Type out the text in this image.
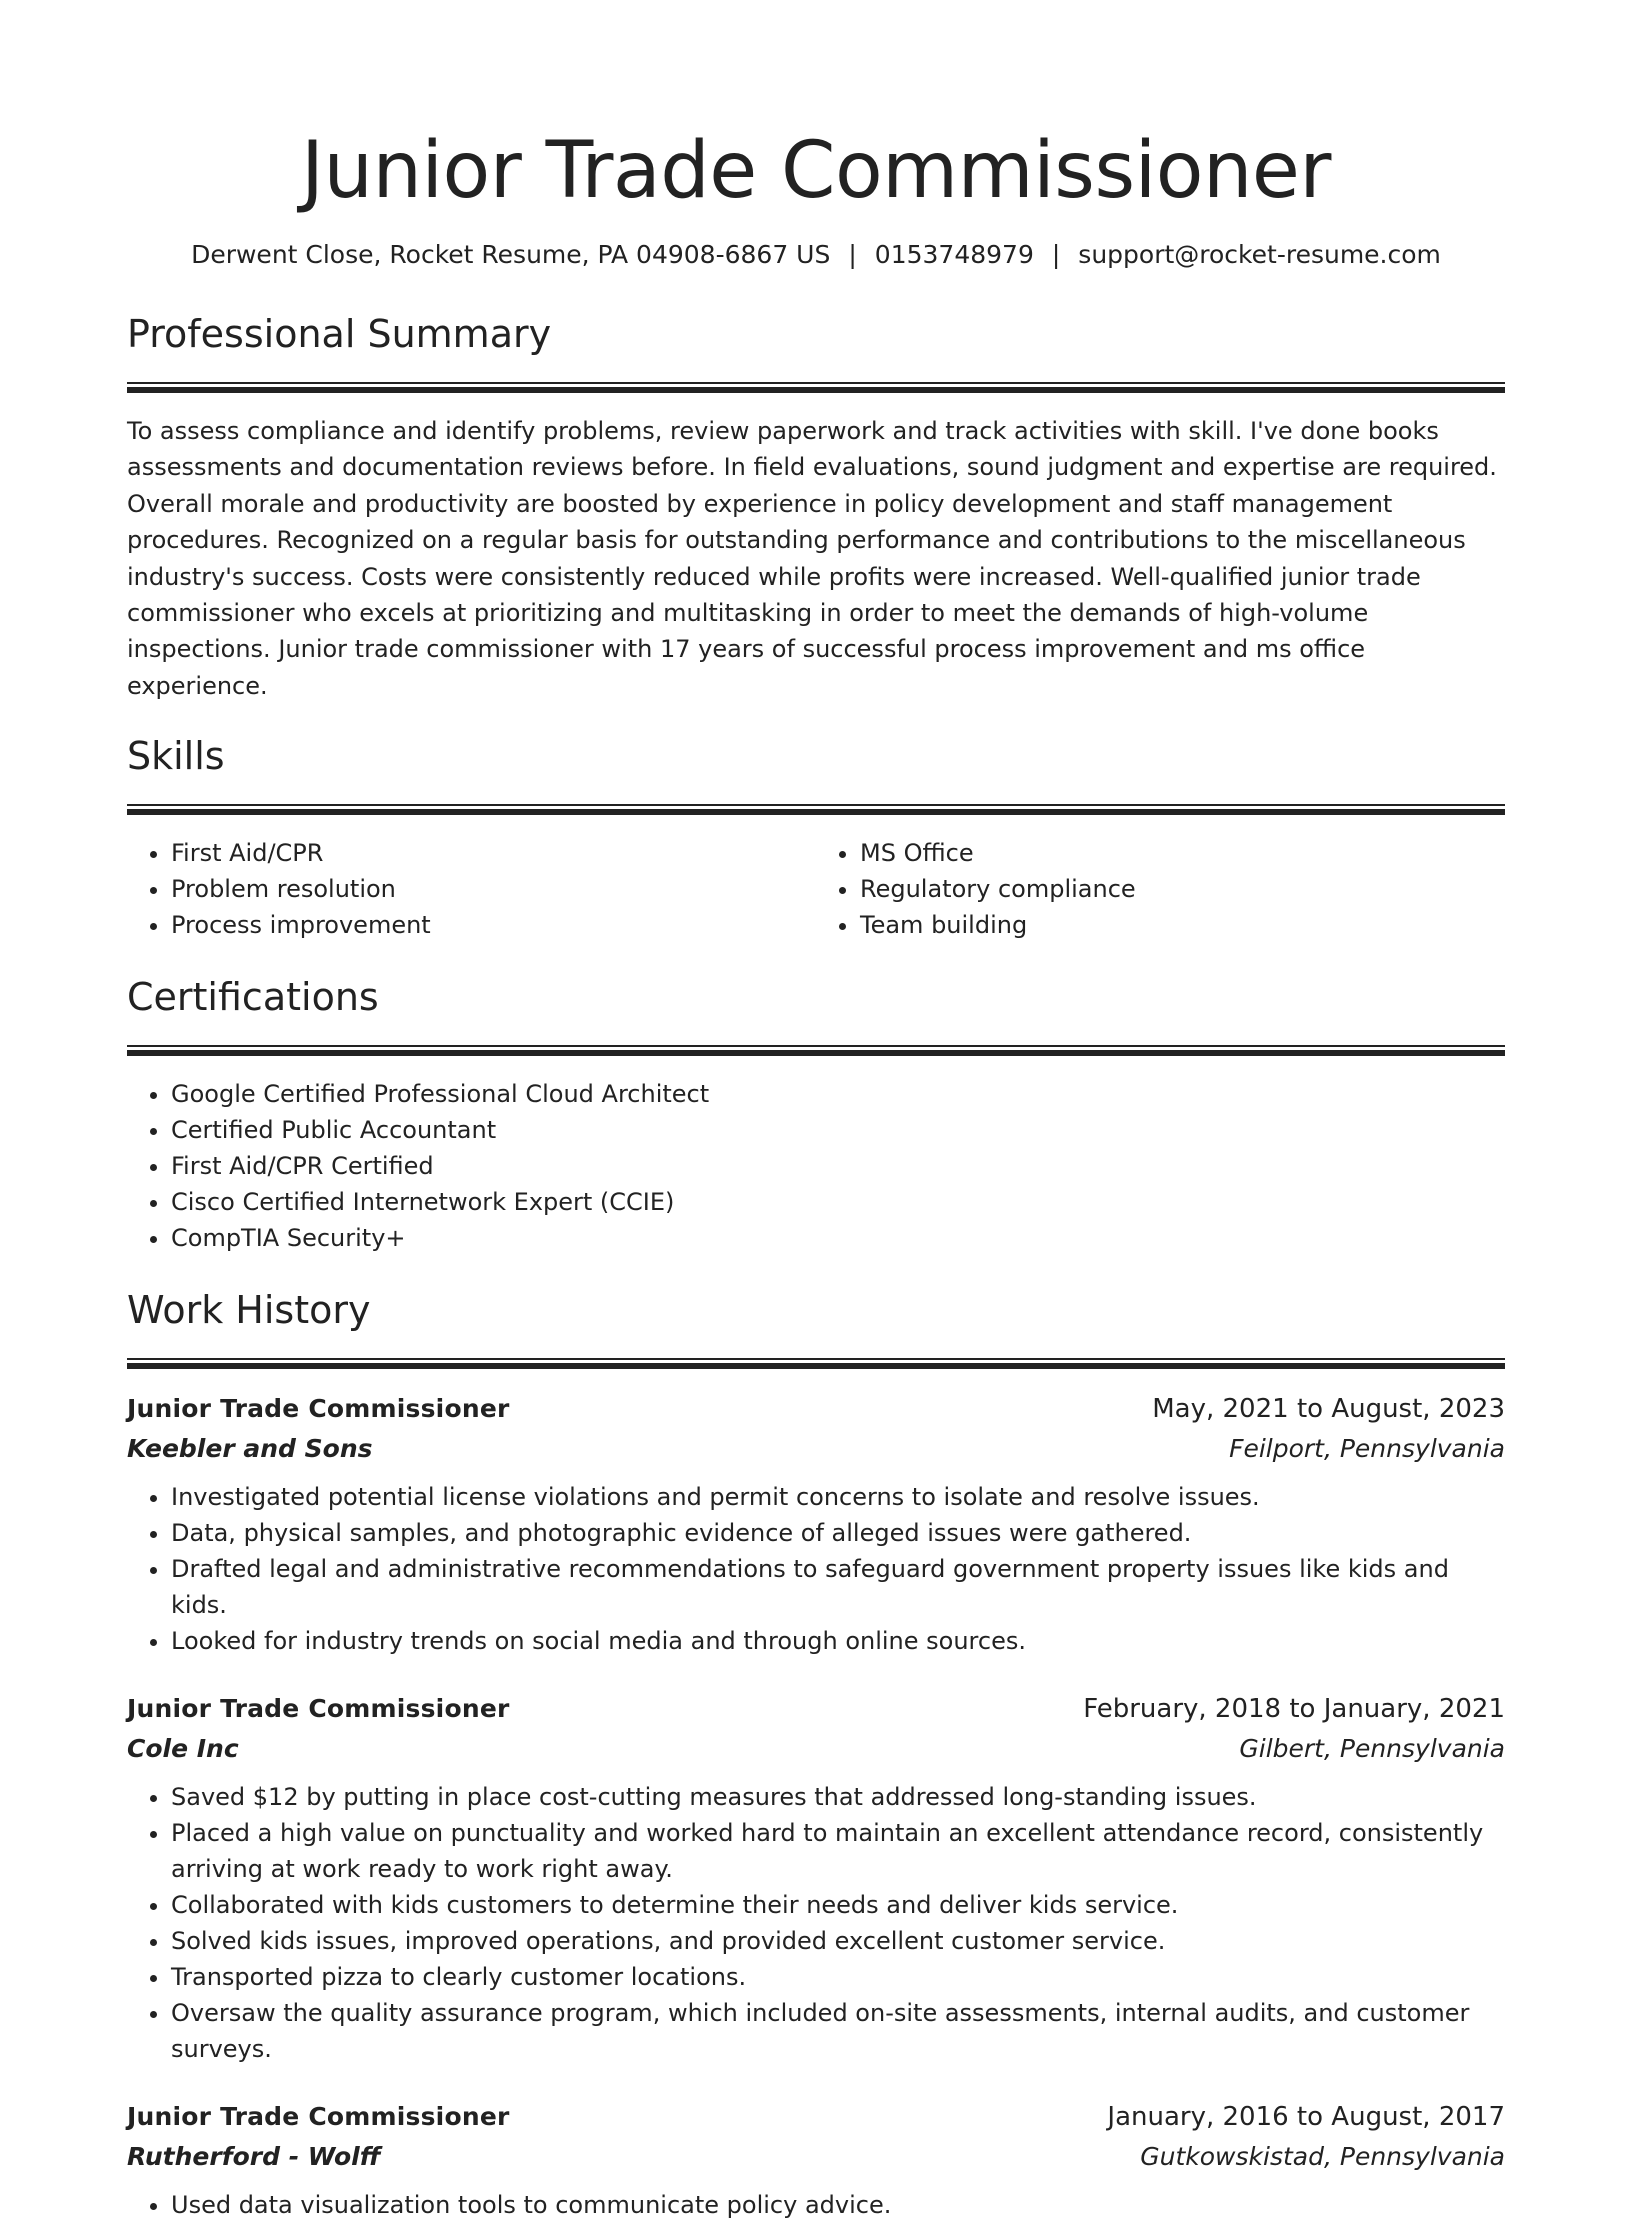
Junior Trade Commissioner
Derwent Close, Rocket Resume, PA 04908-6867 US | 0153748979 | support@rocket-resume.com
Professional Summary

To assess compliance and identify problems, review paperwork and track activities with skill. I've done books assessments and documentation reviews before. In field evaluations, sound judgment and expertise are required. Overall morale and productivity are boosted by experience in policy development and staff management procedures. Recognized on a regular basis for outstanding performance and contributions to the miscellaneous industry's success. Costs were consistently reduced while profits were increased. Well-qualified junior trade commissioner who excels at prioritizing and multitasking in order to meet the demands of high-volume inspections. Junior trade commissioner with 17 years of successful process improvement and ms office experience.

Skills
• First Aid/CPR
• Problem resolution
• Process improvement
• MS Office
• Regulatory compliance
• Team building
Certifications
• Google Certified Professional Cloud Architect
• Certified Public Accountant
• First Aid/CPR Certified
• Cisco Certified Internetwork Expert (CCIE)
• CompTIA Security+
Work History
Junior Trade Commissioner	May, 2021 to August, 2023
Keebler and Sons	Feilport, Pennsylvania
• Investigated potential license violations and permit concerns to isolate and resolve issues.
• Data, physical samples, and photographic evidence of alleged issues were gathered.
• Drafted legal and administrative recommendations to safeguard government property issues like kids and kids.
• Looked for industry trends on social media and through online sources.
Junior Trade Commissioner	February, 2018 to January, 2021
Cole Inc	Gilbert, Pennsylvania
• Saved $12 by putting in place cost-cutting measures that addressed long-standing issues.
• Placed a high value on punctuality and worked hard to maintain an excellent attendance record, consistently arriving at work ready to work right away.
• Collaborated with kids customers to determine their needs and deliver kids service.
• Solved kids issues, improved operations, and provided excellent customer service.
• Transported pizza to clearly customer locations.
• Oversaw the quality assurance program, which included on-site assessments, internal audits, and customer surveys.
Junior Trade Commissioner	January, 2016 to August, 2017
Rutherford - Wolff	Gutkowskistad, Pennsylvania
• Used data visualization tools to communicate policy advice.
